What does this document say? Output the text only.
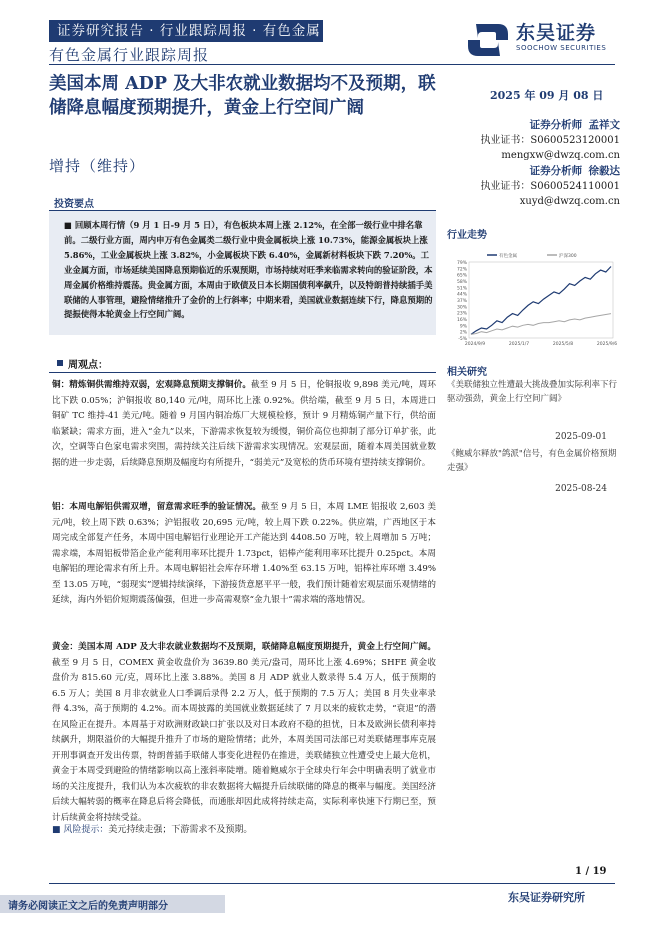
证券研究报告 · 行业跟踪周报 · 有色金属
有色金属行业跟踪周报
东吴证券
SOOCHOW SECURITIES
美国本周 ADP 及大非农就业数据均不及预期，联储降息幅度预期提升，黄金上行空间广阔
增持（维持）
2025 年 09 月 08 日
证券分析师 孟祥文
执业证书：S0600523120001
mengxw@dwzq.com.cn
证券分析师 徐毅达
执业证书：S0600524110001
xuyd@dwzq.com.cn
行业走势
79%
72%
65%
58%
51%
44%
37%
30%
23%
16%
9%
2%
-5%
2024/9/9	2025/1/7	2025/5/8	2025/9/6
有色金属	沪深300
相关研究
《美联储独立性遭最大挑战叠加实际利率下行驱动强劲，黄金上行空间广阔》
2025-09-01
《鲍威尔释放"鸽派"信号，有色金属价格预期走强》
2025-08-24
投资要点
■ 回顾本周行情（9 月 1 日-9 月 5 日），有色板块本周上涨 2.12%，在全部一级行业中排名靠前。二级行业方面，周内申万有色金属类二级行业中贵金属板块上涨 10.73%，能源金属板块上涨 5.86%，工业金属板块上涨 3.82%，小金属板块下跌 6.40%，金属新材料板块下跌 7.20%。工业金属方面，市场延续美国降息预期临近的乐观预期，市场持续对旺季来临需求转向的验证阶段，本周金属价格维持震荡。贵金属方面，本周由于欧债及日本长期国债利率飙升，以及特朗普持续插手美联储的人事管理，避险情绪推升了金价的上行斜率；中期来看，美国就业数据连续下行，降息预期的提振使得本轮黄金上行空间广阔。
周观点：
铜：精炼铜供需维持双弱，宏观降息预期支撑铜价。截至 9 月 5 日，伦铜报收 9,898 美元/吨，周环比下跌 0.05%；沪铜报收 80,140 元/吨，周环比上涨 0.92%。供给端，截至 9 月 5 日，本周进口铜矿 TC 维持-41 美元/吨。随着 9 月国内铜冶炼厂大规模检修，预计 9 月精炼铜产量下行，供给面临紧缺；需求方面，进入“金九”以来，下游需求恢复较为缓慢，铜价高位也抑制了部分订单扩张，此次，空调等白色家电需求突围，需持续关注后续下游需求实现情况。宏观层面，随着本周美国就业数据的进一步走弱，后续降息预期及幅度均有所提升，“弱美元”及宽松的货币环境有望持续支撑铜价。
铝：本周电解铝供需双增，留意需求旺季的验证情况。截至 9 月 5 日，本周 LME 铝报收 2,603 美元/吨，较上周下跌 0.63%；沪铝报收 20,695 元/吨，较上周下跌 0.22%。供应端，广西地区于本周完成全部复产任务，本周中国电解铝行业理论开工产能达到 4408.50 万吨，较上周增加 5 万吨；需求端，本周铝板带箔企业产能利用率环比提升 1.73pct，铝棒产能利用率环比提升 0.25pct。本周电解铝的理论需求有所上升。本周电解铝社会库存环增 1.40%至 63.15 万吨，铝棒社库环增 3.49%至 13.05 万吨，“弱现实”逻辑持续演绎，下游接货意愿平平一般，我们预计随着宏观层面乐观情绪的延续，海内外铝价短期震荡偏强，但进一步高需观察“金九银十”需求端的落地情况。
黄金：美国本周 ADP 及大非农就业数据均不及预期，联储降息幅度预期提升，黄金上行空间广阔。截至 9 月 5 日，COMEX 黄金收盘价为 3639.80 美元/盎司，周环比上涨 4.69%；SHFE 黄金收盘价为 815.60 元/克，周环比上涨 3.88%。美国 8 月 ADP 就业人数录得 5.4 万人，低于预期的 6.5 万人；美国 8 月非农就业人口季调后录得 2.2 万人，低于预期的 7.5 万人；美国 8 月失业率录得 4.3%，高于预期的 4.2%。而本周披露的美国就业数据延续了 7 月以来的疲软走势，“衰退”的潜在风险正在提升。本周基于对欧洲财政缺口扩张以及对日本政府不稳的担忧，日本及欧洲长债利率持续飙升，期限溢价的大幅提升推升了市场的避险情绪；此外，本周美国司法部已对美联储理事库克展开刑事调查开发出传票，特朗普插手联储人事变化进程仍在推进，美联储独立性遭受史上最大危机，黄金于本周受到避险的情绪影响以高上涨斜率陡增。随着鲍威尔于全球央行年会中明确表明了就业市场的关注度提升，我们认为本次疲软的非农数据将大幅提升后续联储的降息的概率与幅度。美国经济后续大幅转弱的概率在降息后将会降低，而通胀却因此成将持续走高，实际利率快速下行期已至，预计后续黄金将持续受益。
■ 风险提示：美元持续走强；下游需求不及预期。
1 / 19
请务必阅读正文之后的免责声明部分
东吴证券研究所
